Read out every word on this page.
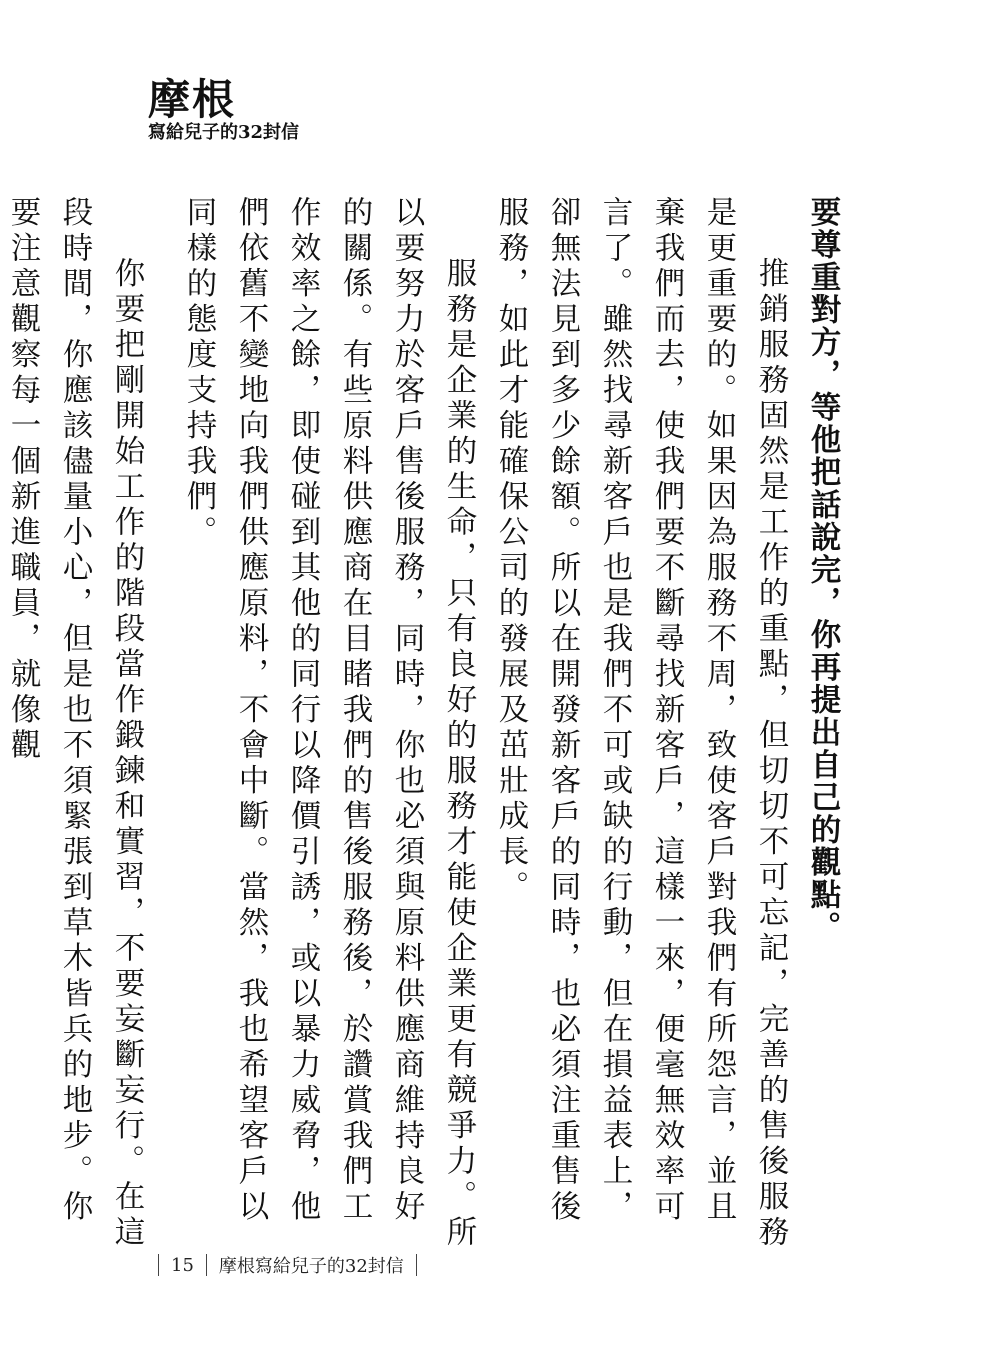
摩根
寫給兒子的32封信

要尊重對方，等他把話說完，你再提出自己的觀點。

推銷服務固然是工作的重點，但切切不可忘記，完善的售後服務是更重要的。如果因為服務不周，致使客戶對我們有所怨言，並且棄我們而去，使我們要不斷尋找新客戶，這樣一來，便毫無效率可言了。雖然找尋新客戶也是我們不可或缺的行動，但在損益表上，卻無法見到多少餘額。所以在開發新客戶的同時，也必須注重售後服務，如此才能確保公司的發展及茁壯成長。

服務是企業的生命，只有良好的服務才能使企業更有競爭力。所以要努力於客戶售後服務，同時，你也必須與原料供應商維持良好的關係。有些原料供應商在目睹我們的售後服務後，於讚賞我們工作效率之餘，即使碰到其他的同行以降價引誘，或以暴力威脅，他們依舊不變地向我們供應原料，不會中斷。當然，我也希望客戶以同樣的態度支持我們。

你要把剛開始工作的階段當作鍛鍊和實習，不要妄斷妄行。在這段時間，你應該儘量小心，但是也不須緊張到草木皆兵的地步。你要注意觀察每一個新進職員，就像觀

15 摩根寫給兒子的32封信
